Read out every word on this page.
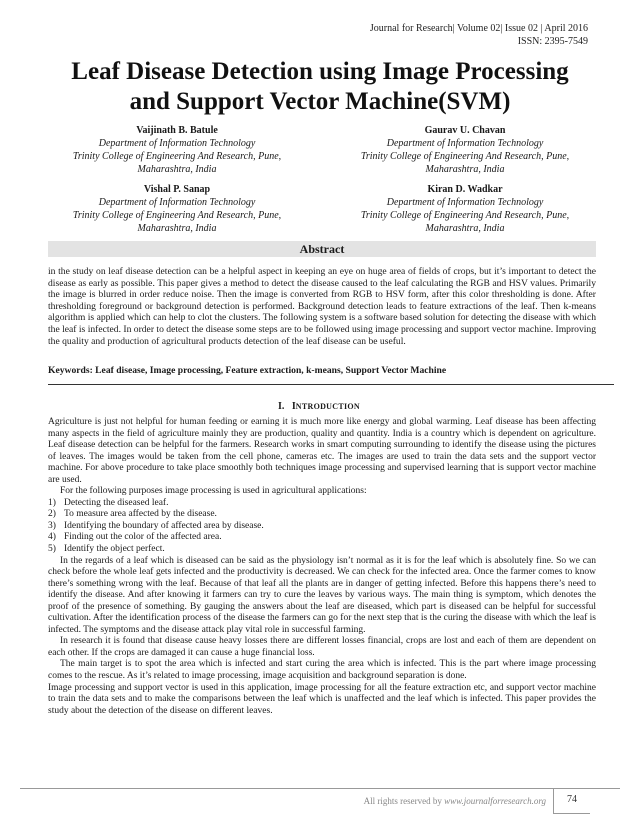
Journal for Research| Volume 02| Issue 02 | April 2016
ISSN: 2395-7549
Leaf Disease Detection using Image Processing
and Support Vector Machine(SVM)
Vaijinath B. Batule
Department of Information Technology
Trinity College of Engineering And Research, Pune,
Maharashtra, India
Gaurav U. Chavan
Department of Information Technology
Trinity College of Engineering And Research, Pune,
Maharashtra, India
Vishal P. Sanap
Department of Information Technology
Trinity College of Engineering And Research, Pune,
Maharashtra, India
Kiran D. Wadkar
Department of Information Technology
Trinity College of Engineering And Research, Pune,
Maharashtra, India
Abstract
in the study on leaf disease detection can be a helpful aspect in keeping an eye on huge area of fields of crops, but it’s important to detect the disease as early as possible. This paper gives a method to detect the disease caused to the leaf calculating the RGB and HSV values. Primarily the image is blurred in order reduce noise. Then the image is converted from RGB to HSV form, after this color thresholding is done. After thresholding foreground or background detection is performed. Background detection leads to feature extractions of the leaf. Then k-means algorithm is applied which can help to clot the clusters. The following system is a software based solution for detecting the disease with which the leaf is infected. In order to detect the disease some steps are to be followed using image processing and support vector machine. Improving the quality and production of agricultural products detection of the leaf disease can be useful.
Keywords: Leaf disease, Image processing, Feature extraction, k-means, Support Vector Machine
I. INTRODUCTION

Agriculture is just not helpful for human feeding or earning it is much more like energy and global warming. Leaf disease has been affecting many aspects in the field of agriculture mainly they are production, quality and quantity. India is a country which is dependent on agriculture. Leaf disease detection can be helpful for the farmers. Research works in smart computing surrounding to identify the disease using the pictures of leaves. The images would be taken from the cell phone, cameras etc. The images are used to train the data sets and the support vector machine. For above procedure to take place smoothly both techniques image processing and supervised learning that is support vector machine are used.

For the following purposes image processing is used in agricultural applications:

1) Detecting the diseased leaf.
2) To measure area affected by the disease.
3) Identifying the boundary of affected area by disease.
4) Finding out the color of the affected area.
5) Identify the object perfect.

In the regards of a leaf which is diseased can be said as the physiology isn’t normal as it is for the leaf which is absolutely fine. So we can check before the whole leaf gets infected and the productivity is decreased. We can check for the infected area. Once the farmer comes to know there’s something wrong with the leaf. Because of that leaf all the plants are in danger of getting infected. Before this happens there’s need to identify the disease. And after knowing it farmers can try to cure the leaves by various ways. The main thing is symptom, which denotes the proof of the presence of something. By gauging the answers about the leaf are diseased, which part is diseased can be helpful for successful cultivation. After the identification process of the disease the farmers can go for the next step that is the curing the disease with which the leaf is infected. The symptoms and the disease attack play vital role in successful farming.

In research it is found that disease cause heavy losses there are different losses financial, crops are lost and each of them are dependent on each other. If the crops are damaged it can cause a huge financial loss.

The main target is to spot the area which is infected and start curing the area which is infected. This is the part where image processing comes to the rescue. As it’s related to image processing, image acquisition and background separation is done.

Image processing and support vector is used in this application, image processing for all the feature extraction etc, and support vector machine to train the data sets and to make the comparisons between the leaf which is unaffected and the leaf which is infected. This paper provides the study about the detection of the disease on different leaves.

All rights reserved by www.journalforresearch.org	74
